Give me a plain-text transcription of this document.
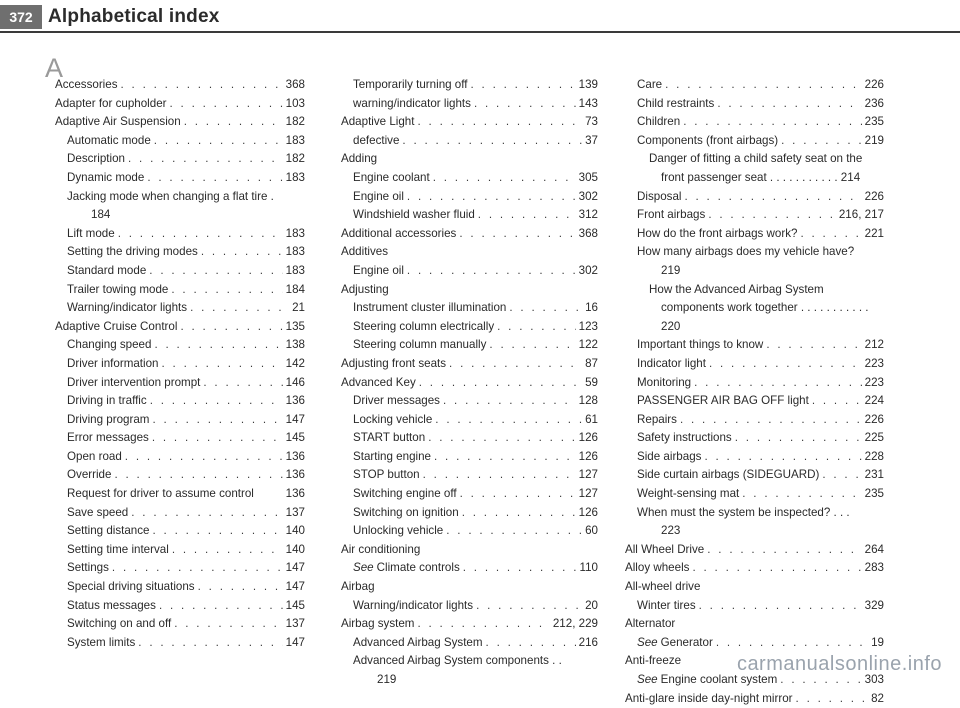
372 Alphabetical index
A
Accessories . . .	368
Adapter for cupholder . . .	103
Adaptive Air Suspension . . .	182
Automatic mode . . .	183
Description . . .	182
Dynamic mode . . .	183
Jacking mode when changing a flat tire .
184
Lift mode . . .	183
Setting the driving modes . . .	183
Standard mode . . .	183
Trailer towing mode . . .	184
Warning/indicator lights . . .	21
Adaptive Cruise Control . . .	135
Changing speed . . .	138
Driver information . . .	142
Driver intervention prompt . . .	146
Driving in traffic . . .	136
Driving program . . .	147
Error messages . . .	145
Open road . . .	136
Override . . .	136
Request for driver to assume control	136
Save speed . . .	137
Setting distance . . .	140
Setting time interval . . .	140
Settings . . .	147
Special driving situations . . .	147
Status messages . . .	145
Switching on and off . . .	137
System limits . . .	147
Temporarily turning off . . .	139
warning/indicator lights . . .	143
Adaptive Light . . .	73
defective . . .	37
Adding
Engine coolant . . .	305
Engine oil . . .	302
Windshield washer fluid . . .	312
Additional accessories . . .	368
Additives
Engine oil . . .	302
Adjusting
Instrument cluster illumination . . .	16
Steering column electrically . . .	123
Steering column manually . . .	122
Adjusting front seats . . .	87
Advanced Key . . .	59
Driver messages . . .	128
Locking vehicle . . .	61
START button . . .	126
Starting engine . . .	126
STOP button . . .	127
Switching engine off . . .	127
Switching on ignition . . .	126
Unlocking vehicle . . .	60
Air conditioning
See Climate controls . . .	110
Airbag
Warning/indicator lights . . .	20
Airbag system . . .	212, 229
Advanced Airbag System . . .	216
Advanced Airbag System components . .
219
Care . . .	226
Child restraints . . .	236
Children . . .	235
Components (front airbags) . . .	219
Danger of fitting a child safety seat on the front passenger seat . . . . . . . . . . . 214
Disposal . . .	226
Front airbags . . .	216, 217
How do the front airbags work? . . .	221
How many airbags does my vehicle have?
219
How the Advanced Airbag System components work together . . . . . . . . . . . 220
Important things to know . . .	212
Indicator light . . .	223
Monitoring . . .	223
PASSENGER AIR BAG OFF light . . .	224
Repairs . . .	226
Safety instructions . . .	225
Side airbags . . .	228
Side curtain airbags (SIDEGUARD) . . .	231
Weight-sensing mat . . .	235
When must the system be inspected? . . .
223
All Wheel Drive . . .	264
Alloy wheels . . .	283
All-wheel drive
Winter tires . . .	329
Alternator
See Generator . . .	19
Anti-freeze
See Engine coolant system . . .	303
Anti-glare inside day-night mirror . . .	82
carmanualsonline.info
